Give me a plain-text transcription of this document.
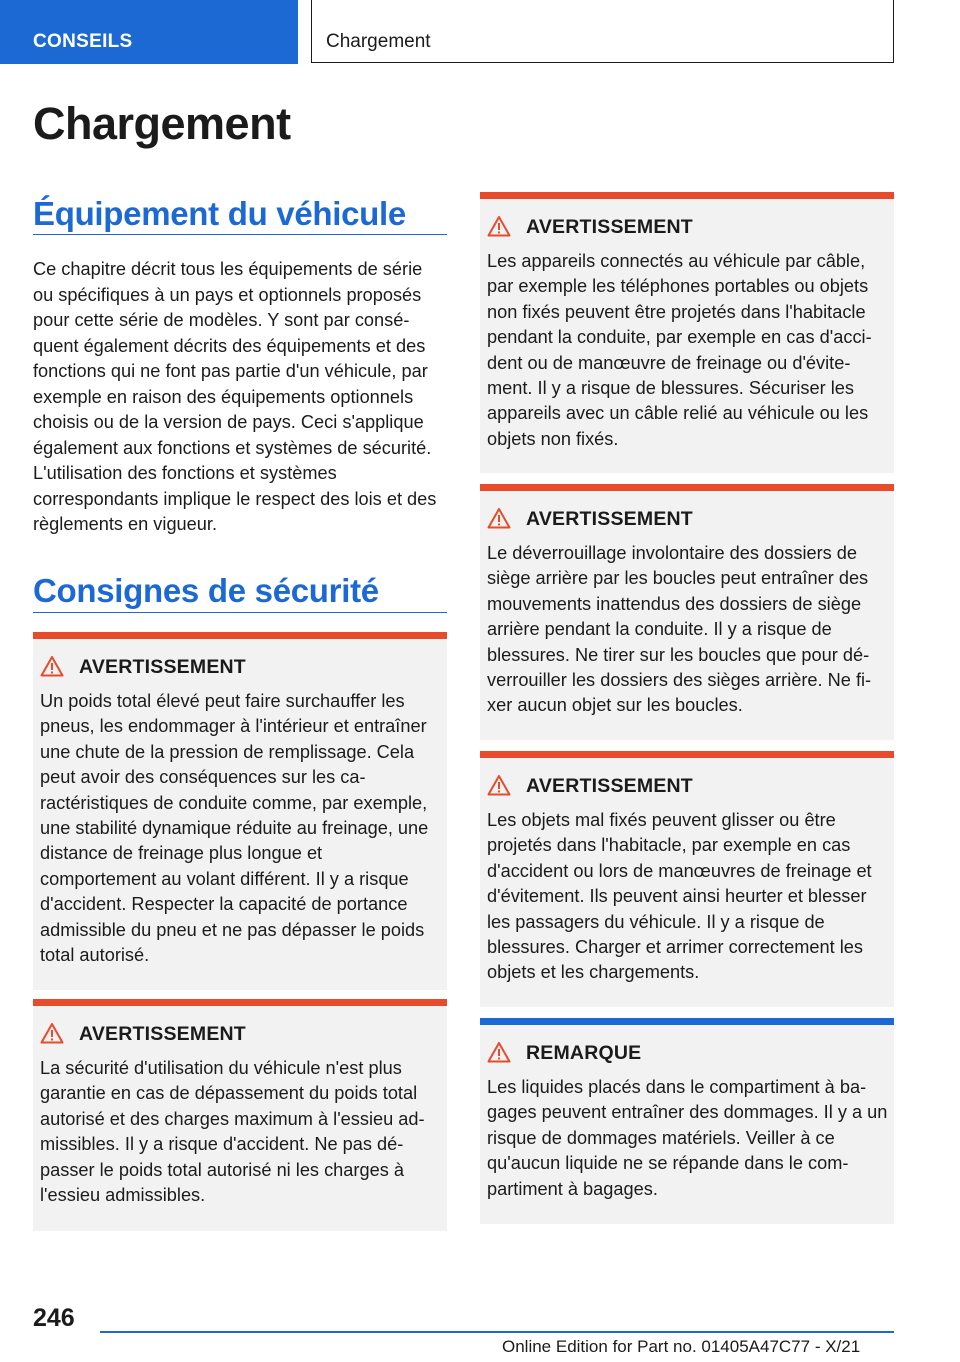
CONSEILS	Chargement
Chargement
Équipement du véhicule

Ce chapitre décrit tous les équipements de série ou spécifiques à un pays et optionnels proposés pour cette série de modèles. Y sont par conséquent également décrits des équipements et des fonctions qui ne font pas partie d'un véhicule, par exemple en raison des équipements optionnels choisis ou de la version de pays. Ceci s'applique également aux fonctions et systèmes de sécurité. L'utilisation des fonctions et systèmes correspondants implique le respect des lois et des règlements en vigueur.

Consignes de sécurité
AVERTISSEMENT

Un poids total élevé peut faire surchauffer les pneus, les endommager à l'intérieur et entraîner une chute de la pression de remplissage. Cela peut avoir des conséquences sur les caractéristiques de conduite comme, par exemple, une stabilité dynamique réduite au freinage, une distance de freinage plus longue et comportement au volant différent. Il y a risque d'accident. Respecter la capacité de portance admissible du pneu et ne pas dépasser le poids total autorisé.

AVERTISSEMENT

La sécurité d'utilisation du véhicule n'est plus garantie en cas de dépassement du poids total autorisé et des charges maximum à l'essieu admissibles. Il y a risque d'accident. Ne pas dépasser le poids total autorisé ni les charges à l'essieu admissibles.

AVERTISSEMENT

Les appareils connectés au véhicule par câble, par exemple les téléphones portables ou objets non fixés peuvent être projetés dans l'habitacle pendant la conduite, par exemple en cas d'accident ou de manœuvre de freinage ou d'évitement. Il y a risque de blessures. Sécuriser les appareils avec un câble relié au véhicule ou les objets non fixés.

AVERTISSEMENT

Le déverrouillage involontaire des dossiers de siège arrière par les boucles peut entraîner des mouvements inattendus des dossiers de siège arrière pendant la conduite. Il y a risque de blessures. Ne tirer sur les boucles que pour déverrouiller les dossiers des sièges arrière. Ne fixer aucun objet sur les boucles.

AVERTISSEMENT

Les objets mal fixés peuvent glisser ou être projetés dans l'habitacle, par exemple en cas d'accident ou lors de manœuvres de freinage et d'évitement. Ils peuvent ainsi heurter et blesser les passagers du véhicule. Il y a risque de blessures. Charger et arrimer correctement les objets et les chargements.

REMARQUE

Les liquides placés dans le compartiment à bagages peuvent entraîner des dommages. Il y a un risque de dommages matériels. Veiller à ce qu'aucun liquide ne se répande dans le compartiment à bagages.

246
Online Edition for Part no. 01405A47C77 - X/21
